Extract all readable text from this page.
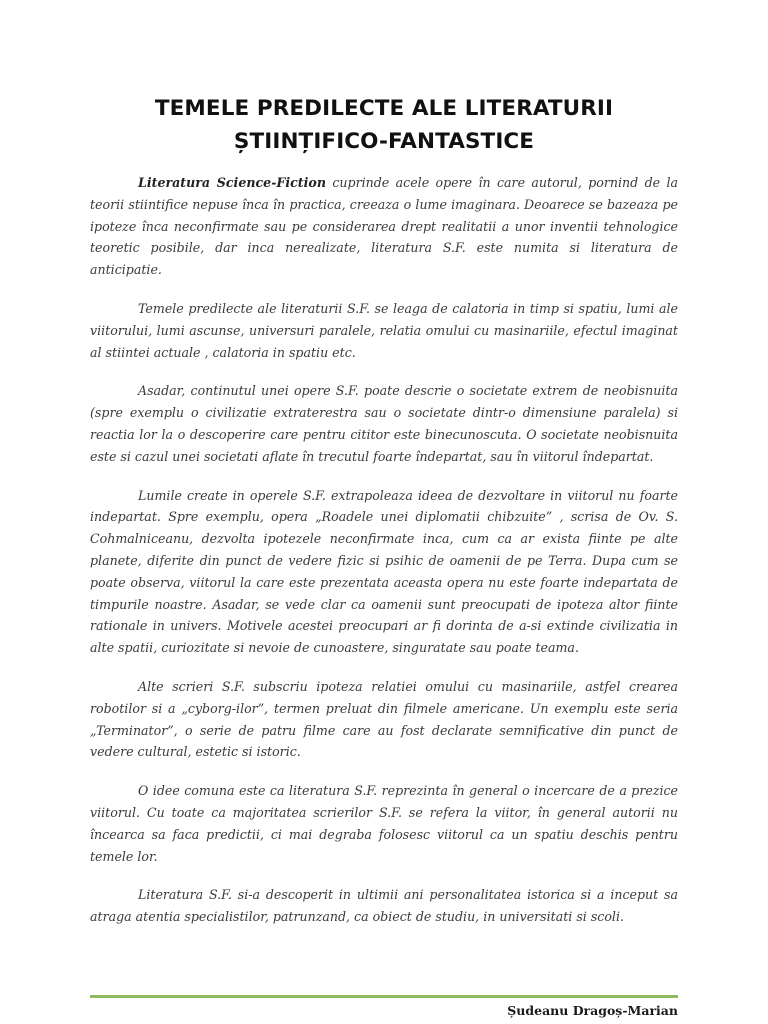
TEMELE PREDILECTE ALE LITERATURII
ȘTIINȚIFICO-FANTASTICE

Literatura Science-Fiction cuprinde acele opere în care autorul, pornind de la teorii stiintifice nepuse înca în practica, creeaza o lume imaginara. Deoarece se bazeaza pe ipoteze înca neconfirmate sau pe considerarea drept realitatii a unor inventii tehnologice teoretic posibile, dar inca nerealizate, literatura S.F. este numita si literatura de anticipatie.

Temele predilecte ale literaturii S.F. se leaga de calatoria in timp si spatiu, lumi ale viitorului, lumi ascunse, universuri paralele, relatia omului cu masinariile, efectul imaginat al stiintei actuale , calatoria in spatiu etc.

Asadar, continutul unei opere S.F. poate descrie o societate extrem de neobisnuita (spre exemplu o civilizatie extraterestra sau o societate dintr-o dimensiune paralela) si reactia lor la o descoperire care pentru cititor este binecunoscuta. O societate neobisnuita este si cazul unei societati aflate în trecutul foarte îndepartat, sau în viitorul îndepartat.

Lumile create in operele S.F. extrapoleaza ideea de dezvoltare in viitorul nu foarte indepartat. Spre exemplu, opera „Roadele unei diplomatii chibzuite” , scrisa de Ov. S. Cohmalniceanu, dezvolta ipotezele neconfirmate inca, cum ca ar exista fiinte pe alte planete, diferite din punct de vedere fizic si psihic de oamenii de pe Terra. Dupa cum se poate observa, viitorul la care este prezentata aceasta opera nu este foarte indepartata de timpurile noastre. Asadar, se vede clar ca oamenii sunt preocupati de ipoteza altor fiinte rationale in univers. Motivele acestei preocupari ar fi dorinta de a-si extinde civilizatia in alte spatii, curiozitate si nevoie de cunoastere, singuratate sau poate teama.

Alte scrieri S.F. subscriu ipoteza relatiei omului cu masinariile, astfel crearea robotilor si a „cyborg-ilor”, termen preluat din filmele americane. Un exemplu este seria „Terminator”, o serie de patru filme care au fost declarate semnificative din punct de vedere cultural, estetic si istoric.

O idee comuna este ca literatura S.F. reprezinta în general o incercare de a prezice viitorul. Cu toate ca majoritatea scrierilor S.F. se refera la viitor, în general autorii nu încearca sa faca predictii, ci mai degraba folosesc viitorul ca un spatiu deschis pentru temele lor.

Literatura S.F. si-a descoperit in ultimii ani personalitatea istorica si a inceput sa atraga atentia specialistilor, patrunzand, ca obiect de studiu, in universitati si scoli.

Șudeanu Dragoș-Marian
